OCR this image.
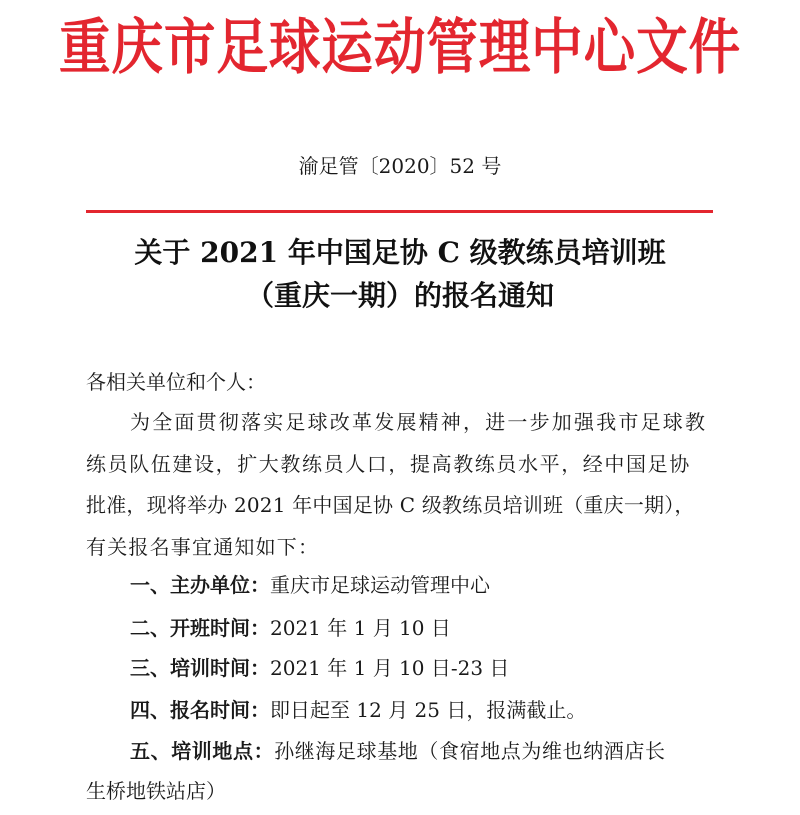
重庆市足球运动管理中心文件
渝足管〔2020〕52 号
关于 2021 年中国足协 C 级教练员培训班
（重庆一期）的报名通知
各相关单位和个人：
为全面贯彻落实足球改革发展精神，进一步加强我市足球教
练员队伍建设，扩大教练员人口，提高教练员水平，经中国足协
批准，现将举办 2021 年中国足协 C 级教练员培训班（重庆一期），
有关报名事宜通知如下：
一、主办单位：重庆市足球运动管理中心
二、开班时间：2021 年 1 月 10 日
三、培训时间：2021 年 1 月 10 日-23 日
四、报名时间：即日起至 12 月 25 日，报满截止。
五、培训地点：孙继海足球基地（食宿地点为维也纳酒店长
生桥地铁站店）
